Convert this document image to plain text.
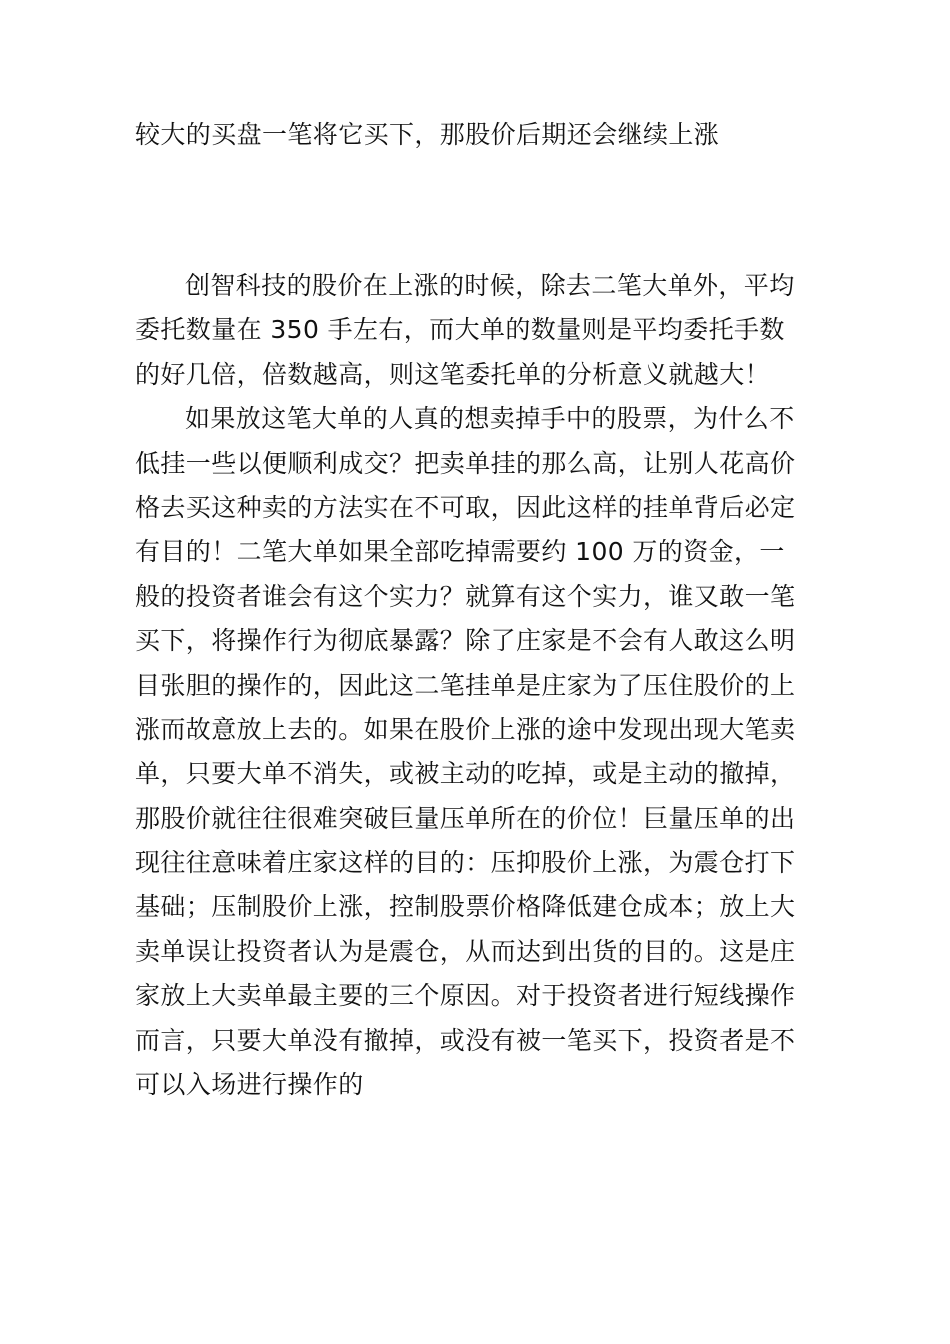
较大的买盘一笔将它买下，那股价后期还会继续上涨

创智科技的股价在上涨的时候，除去二笔大单外，平均
委托数量在 350 手左右，而大单的数量则是平均委托手数
的好几倍，倍数越高，则这笔委托单的分析意义就越大！
如果放这笔大单的人真的想卖掉手中的股票，为什么不
低挂一些以便顺利成交？把卖单挂的那么高，让别人花高价
格去买这种卖的方法实在不可取，因此这样的挂单背后必定
有目的！二笔大单如果全部吃掉需要约 100 万的资金，一
般的投资者谁会有这个实力？就算有这个实力，谁又敢一笔
买下，将操作行为彻底暴露？除了庄家是不会有人敢这么明
目张胆的操作的，因此这二笔挂单是庄家为了压住股价的上
涨而故意放上去的。如果在股价上涨的途中发现出现大笔卖
单，只要大单不消失，或被主动的吃掉，或是主动的撤掉，
那股价就往往很难突破巨量压单所在的价位！巨量压单的出
现往往意味着庄家这样的目的：压抑股价上涨，为震仓打下
基础；压制股价上涨，控制股票价格降低建仓成本；放上大
卖单误让投资者认为是震仓，从而达到出货的目的。这是庄
家放上大卖单最主要的三个原因。对于投资者进行短线操作
而言，只要大单没有撤掉，或没有被一笔买下，投资者是不
可以入场进行操作的
